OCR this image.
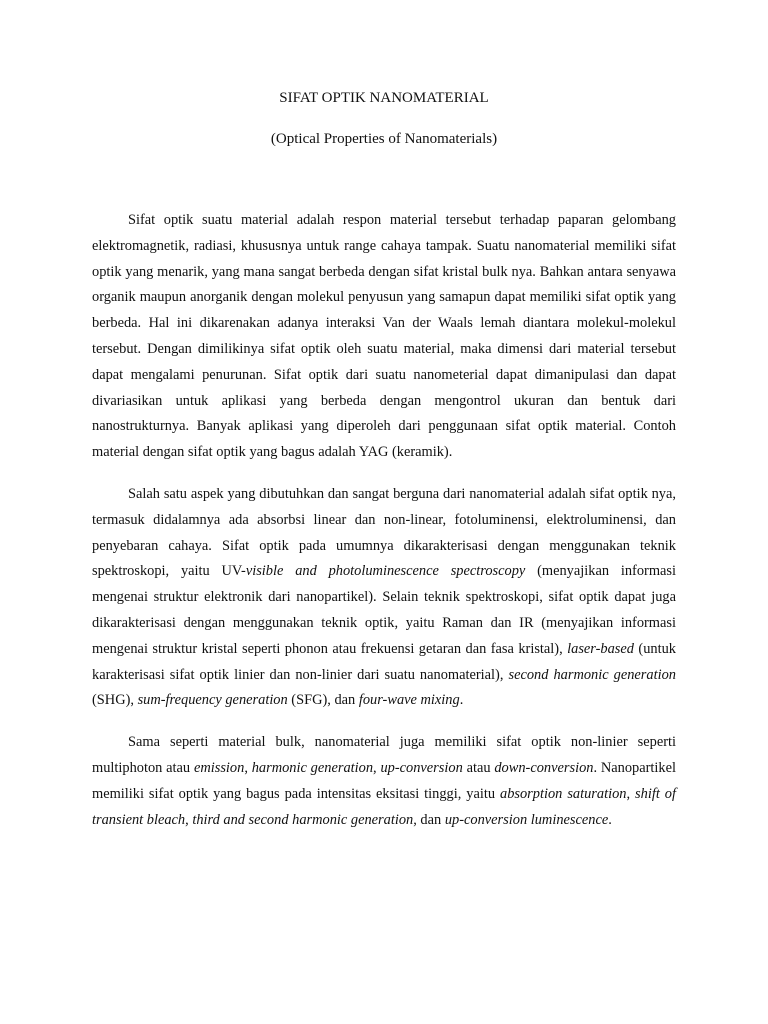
SIFAT OPTIK NANOMATERIAL
(Optical Properties of Nanomaterials)

Sifat optik suatu material adalah respon material tersebut terhadap paparan gelombang elektromagnetik, radiasi, khususnya untuk range cahaya tampak. Suatu nanomaterial memiliki sifat optik yang menarik, yang mana sangat berbeda dengan sifat kristal bulk nya. Bahkan antara senyawa organik maupun anorganik dengan molekul penyusun yang samapun dapat memiliki sifat optik yang berbeda. Hal ini dikarenakan adanya interaksi Van der Waals lemah diantara molekul-molekul tersebut. Dengan dimilikinya sifat optik oleh suatu material, maka dimensi dari material tersebut dapat mengalami penurunan. Sifat optik dari suatu nanometerial dapat dimanipulasi dan dapat divariasikan untuk aplikasi yang berbeda dengan mengontrol ukuran dan bentuk dari nanostrukturnya. Banyak aplikasi yang diperoleh dari penggunaan sifat optik material. Contoh material dengan sifat optik yang bagus adalah YAG (keramik).

Salah satu aspek yang dibutuhkan dan sangat berguna dari nanomaterial adalah sifat optik nya, termasuk didalamnya ada absorbsi linear dan non-linear, fotoluminensi, elektroluminensi, dan penyebaran cahaya. Sifat optik pada umumnya dikarakterisasi dengan menggunakan teknik spektroskopi, yaitu UV-visible and photoluminescence spectroscopy (menyajikan informasi mengenai struktur elektronik dari nanopartikel). Selain teknik spektroskopi, sifat optik dapat juga dikarakterisasi dengan menggunakan teknik optik, yaitu Raman dan IR (menyajikan informasi mengenai struktur kristal seperti phonon atau frekuensi getaran dan fasa kristal), laser-based (untuk karakterisasi sifat optik linier dan non-linier dari suatu nanomaterial), second harmonic generation (SHG), sum-frequency generation (SFG), dan four-wave mixing.

Sama seperti material bulk, nanomaterial juga memiliki sifat optik non-linier seperti multiphoton atau emission, harmonic generation, up-conversion atau down-conversion. Nanopartikel memiliki sifat optik yang bagus pada intensitas eksitasi tinggi, yaitu absorption saturation, shift of transient bleach, third and second harmonic generation, dan up-conversion luminescence.
